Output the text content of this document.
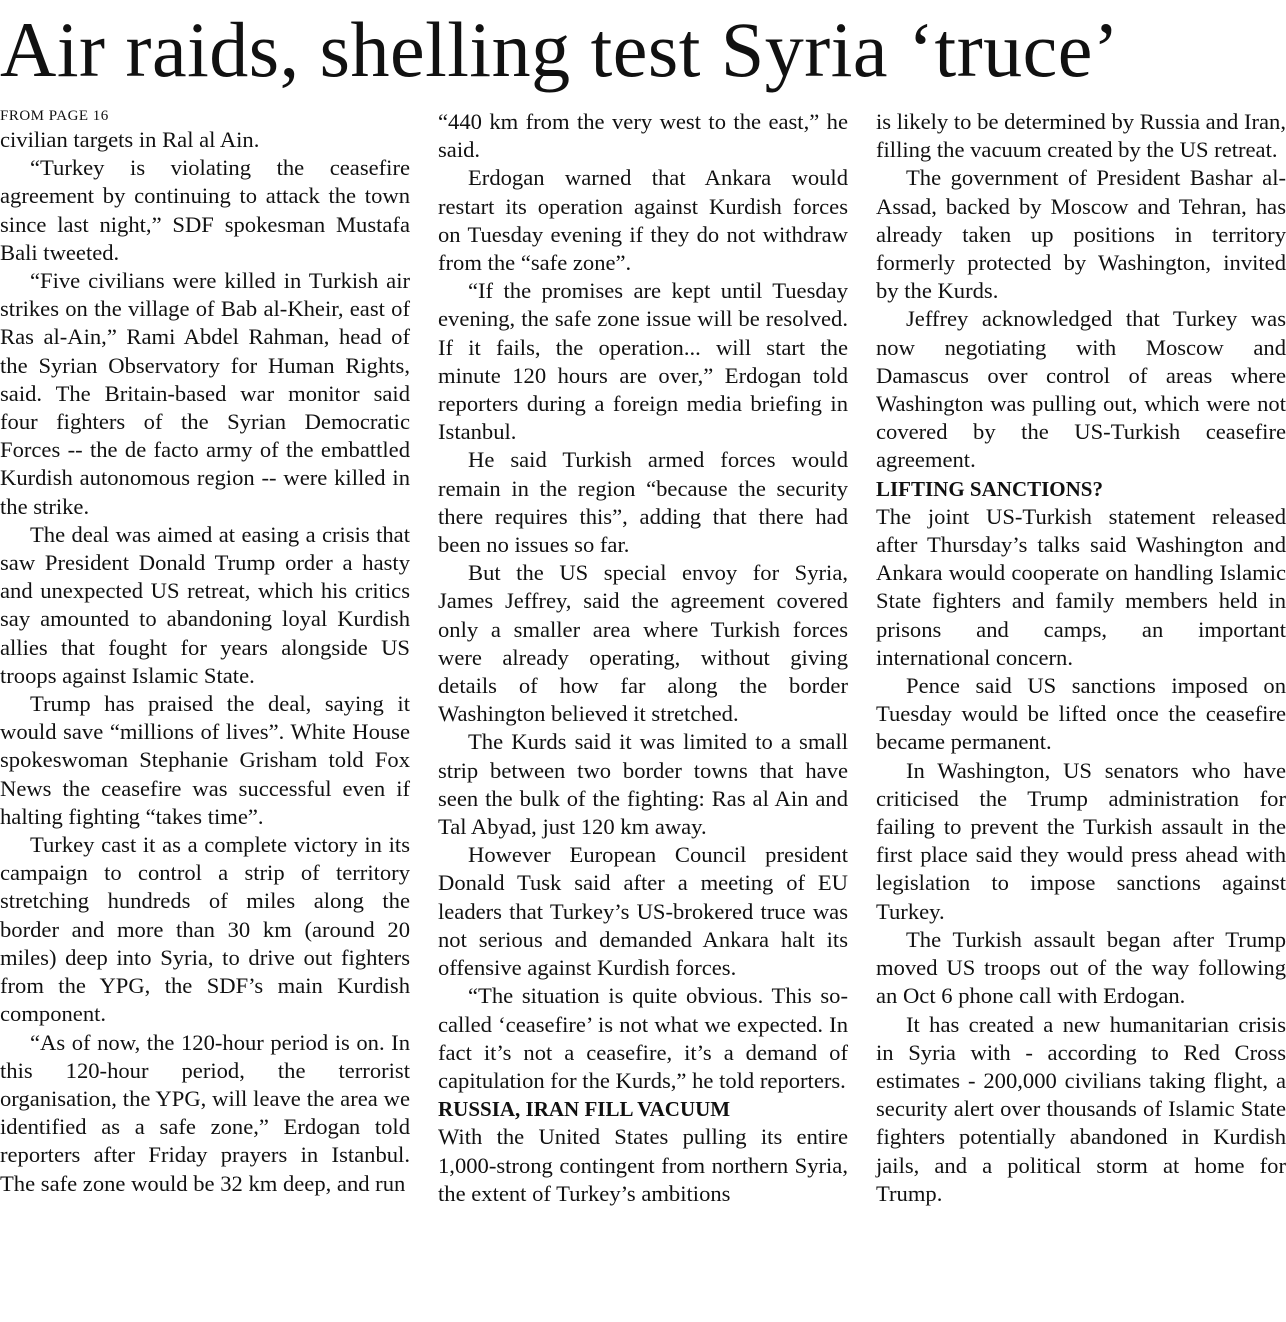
Air raids, shelling test Syria ‘truce’
FROM PAGE 16

civilian targets in Ral al Ain.

“Turkey is violating the ceasefire agreement by continuing to attack the town since last night,” SDF spokesman Mustafa Bali tweeted.

“Five civilians were killed in Turkish air strikes on the village of Bab al-Kheir, east of Ras al-Ain,” Rami Abdel Rahman, head of the Syrian Observatory for Human Rights, said. The Britain-based war monitor said four fighters of the Syrian Democratic Forces -- the de facto army of the embattled Kurdish autonomous region -- were killed in the strike.

The deal was aimed at easing a crisis that saw President Donald Trump order a hasty and unexpected US retreat, which his critics say amounted to abandoning loyal Kurdish allies that fought for years alongside US troops against Islamic State.

Trump has praised the deal, saying it would save “millions of lives”. White House spokeswoman Stephanie Grisham told Fox News the ceasefire was successful even if halting fighting “takes time”.

Turkey cast it as a complete victory in its campaign to control a strip of territory stretching hundreds of miles along the border and more than 30 km (around 20 miles) deep into Syria, to drive out fighters from the YPG, the SDF’s main Kurdish component.

“As of now, the 120-hour period is on. In this 120-hour period, the terrorist organisation, the YPG, will leave the area we identified as a safe zone,” Erdogan told reporters after Friday prayers in Istanbul. The safe zone would be 32 km deep, and run

“440 km from the very west to the east,” he said.

Erdogan warned that Ankara would restart its operation against Kurdish forces on Tuesday evening if they do not withdraw from the “safe zone”.

“If the promises are kept until Tuesday evening, the safe zone issue will be resolved. If it fails, the operation... will start the minute 120 hours are over,” Erdogan told reporters during a foreign media briefing in Istanbul.

He said Turkish armed forces would remain in the region “because the security there requires this”, adding that there had been no issues so far.

But the US special envoy for Syria, James Jeffrey, said the agreement covered only a smaller area where Turkish forces were already operating, without giving details of how far along the border Washington believed it stretched.

The Kurds said it was limited to a small strip between two border towns that have seen the bulk of the fighting: Ras al Ain and Tal Abyad, just 120 km away.

However European Council president Donald Tusk said after a meeting of EU leaders that Turkey’s US-brokered truce was not serious and demanded Ankara halt its offensive against Kurdish forces.

“The situation is quite obvious. This so-called ‘ceasefire’ is not what we expected. In fact it’s not a ceasefire, it’s a demand of capitulation for the Kurds,” he told reporters.

RUSSIA, IRAN FILL VACUUM

With the United States pulling its entire 1,000-strong contingent from northern Syria, the extent of Turkey’s ambitions

is likely to be determined by Russia and Iran, filling the vacuum created by the US retreat.

The government of President Bashar al-Assad, backed by Moscow and Tehran, has already taken up positions in territory formerly protected by Washington, invited by the Kurds.

Jeffrey acknowledged that Turkey was now negotiating with Moscow and Damascus over control of areas where Washington was pulling out, which were not covered by the US-Turkish ceasefire agreement.

LIFTING SANCTIONS?

The joint US-Turkish statement released after Thursday’s talks said Washington and Ankara would cooperate on handling Islamic State fighters and family members held in prisons and camps, an important international concern.

Pence said US sanctions imposed on Tuesday would be lifted once the ceasefire became permanent.

In Washington, US senators who have criticised the Trump administration for failing to prevent the Turkish assault in the first place said they would press ahead with legislation to impose sanctions against Turkey.

The Turkish assault began after Trump moved US troops out of the way following an Oct 6 phone call with Erdogan.

It has created a new humanitarian crisis in Syria with - according to Red Cross estimates - 200,000 civilians taking flight, a security alert over thousands of Islamic State fighters potentially abandoned in Kurdish jails, and a political storm at home for Trump.
